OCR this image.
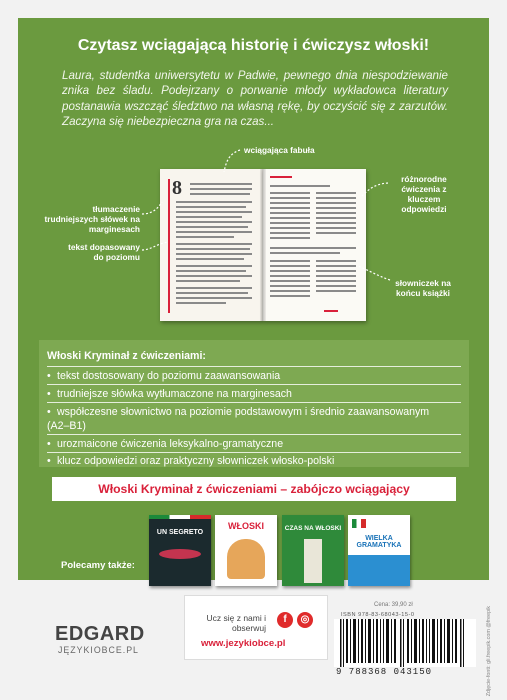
Czytasz wciągającą historię i ćwiczysz włoski!
Laura, studentka uniwersytetu w Padwie, pewnego dnia niespodziewanie znika bez śladu. Podejrzany o porwanie młody wykładowca literatury postanawia wszcząć śledztwo na własną rękę, by oczyścić się z zarzutów. Zaczyna się niebezpieczna gra na czas...
8
wciągająca fabuła
różnorodne ćwiczenia z kluczem odpowiedzi
tłumaczenie trudniejszych słówek na marginesach
tekst dopasowany do poziomu
słowniczek na końcu książki
Włoski Kryminał z ćwiczeniami:
• tekst dostosowany do poziomu zaawansowania
• trudniejsze słówka wytłumaczone na marginesach
• współczesne słownictwo na poziomie podstawowym i średnio zaawansowanym (A2–B1)
• urozmaicone ćwiczenia leksykalno-gramatyczne
• klucz odpowiedzi oraz praktyczny słowniczek włosko-polski
Włoski Kryminał z ćwiczeniami – zabójczo wciągający
Polecamy także:
UN SEGRETO
WŁOSKI	CZAS NA WŁOSKI
WIELKA GRAMATYKA
EDGARD
JĘZYKIOBCE.PL
Ucz się z nami i obserwuj
f	◎
www.jezykiobce.pl
Cena: 39,90 zł
ISBN 978-83-68043-15-0
9 788368 043150	Zdjęcie-fonti: gli.freepik.com @freepik
